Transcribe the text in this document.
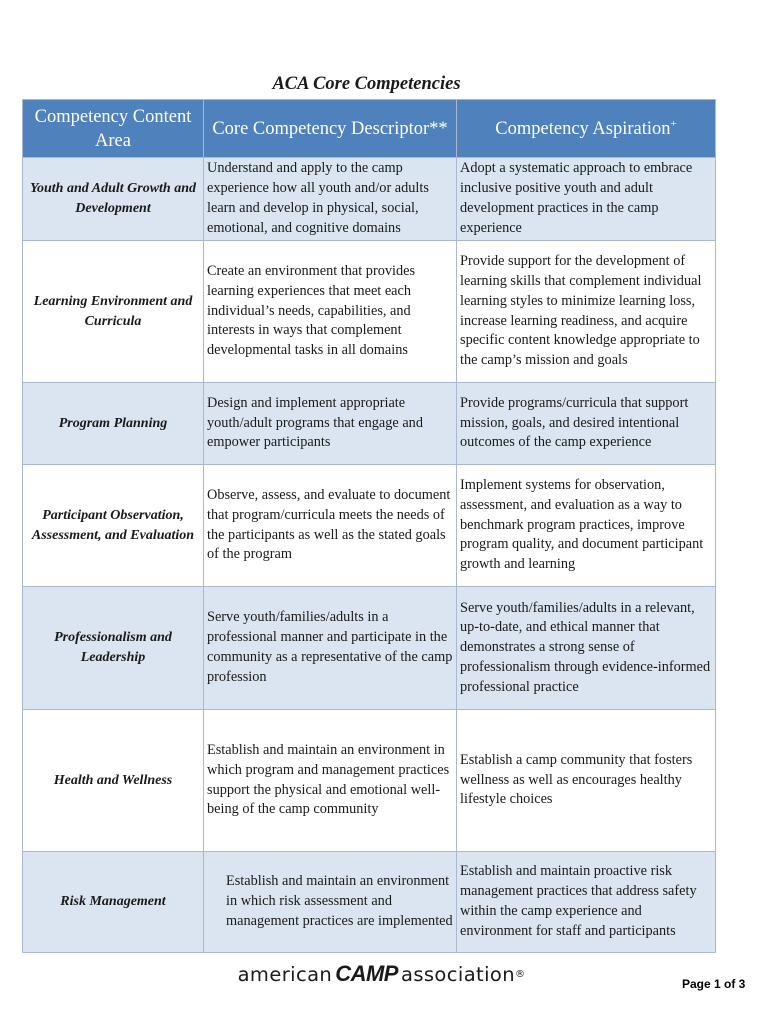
ACA Core Competencies
Competency Content Area	Core Competency Descriptor**	Competency Aspiration+
Youth and Adult Growth and Development	Understand and apply to the camp experience how all youth and/or adults learn and develop in physical, social, emotional, and cognitive domains	Adopt a systematic approach to embrace inclusive positive youth and adult development practices in the camp experience
Learning Environment and Curricula	Create an environment that provides learning experiences that meet each individual’s needs, capabilities, and interests in ways that complement developmental tasks in all domains	Provide support for the development of learning skills that complement individual learning styles to minimize learning loss, increase learning readiness, and acquire specific content knowledge appropriate to the camp’s mission and goals
Program Planning	Design and implement appropriate youth/adult programs that engage and empower participants	Provide programs/curricula that support mission, goals, and desired intentional outcomes of the camp experience
Participant Observation, Assessment, and Evaluation	Observe, assess, and evaluate to document that program/curricula meets the needs of the participants as well as the stated goals of the program	Implement systems for observation, assessment, and evaluation as a way to benchmark program practices, improve program quality, and document participant growth and learning
Professionalism and Leadership	Serve youth/families/adults in a professional manner and participate in the community as a representative of the camp profession	Serve youth/families/adults in a relevant, up-to-date, and ethical manner that demonstrates a strong sense of professionalism through evidence-informed professional practice
Health and Wellness	Establish and maintain an environment in which program and management practices support the physical and emotional well-being of the camp community	Establish a camp community that fosters wellness as well as encourages healthy lifestyle choices
Risk Management	Establish and maintain an environment in which risk assessment and management practices are implemented	Establish and maintain proactive risk management practices that address safety within the camp experience and environment for staff and participants
american CAMP association ®
Page 1 of 3
